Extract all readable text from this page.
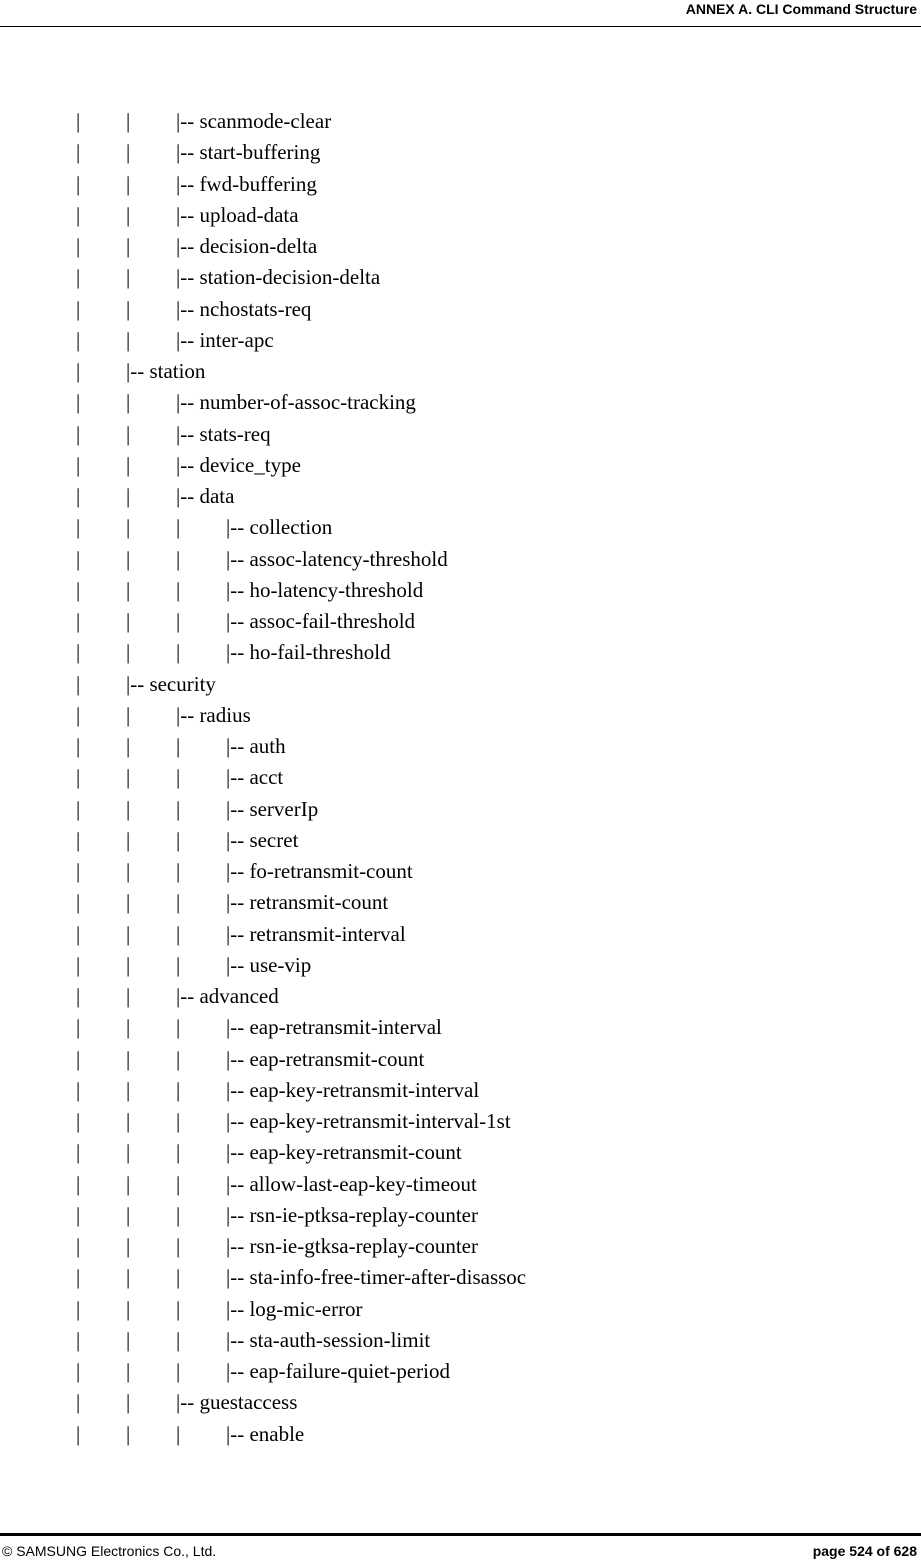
ANNEX A. CLI Command Structure
| | |-- scanmode-clear
| | |-- start-buffering
| | |-- fwd-buffering
| | |-- upload-data
| | |-- decision-delta
| | |-- station-decision-delta
| | |-- nchostats-req
| | |-- inter-apc
| |-- station
| | |-- number-of-assoc-tracking
| | |-- stats-req
| | |-- device_type
| | |-- data
| | | |-- collection
| | | |-- assoc-latency-threshold
| | | |-- ho-latency-threshold
| | | |-- assoc-fail-threshold
| | | |-- ho-fail-threshold
| |-- security
| | |-- radius
| | | |-- auth
| | | |-- acct
| | | |-- serverIp
| | | |-- secret
| | | |-- fo-retransmit-count
| | | |-- retransmit-count
| | | |-- retransmit-interval
| | | |-- use-vip
| | |-- advanced
| | | |-- eap-retransmit-interval
| | | |-- eap-retransmit-count
| | | |-- eap-key-retransmit-interval
| | | |-- eap-key-retransmit-interval-1st
| | | |-- eap-key-retransmit-count
| | | |-- allow-last-eap-key-timeout
| | | |-- rsn-ie-ptksa-replay-counter
| | | |-- rsn-ie-gtksa-replay-counter
| | | |-- sta-info-free-timer-after-disassoc
| | | |-- log-mic-error
| | | |-- sta-auth-session-limit
| | | |-- eap-failure-quiet-period
| | |-- guestaccess
| | | |-- enable
© SAMSUNG Electronics Co., Ltd.	page 524 of 628
